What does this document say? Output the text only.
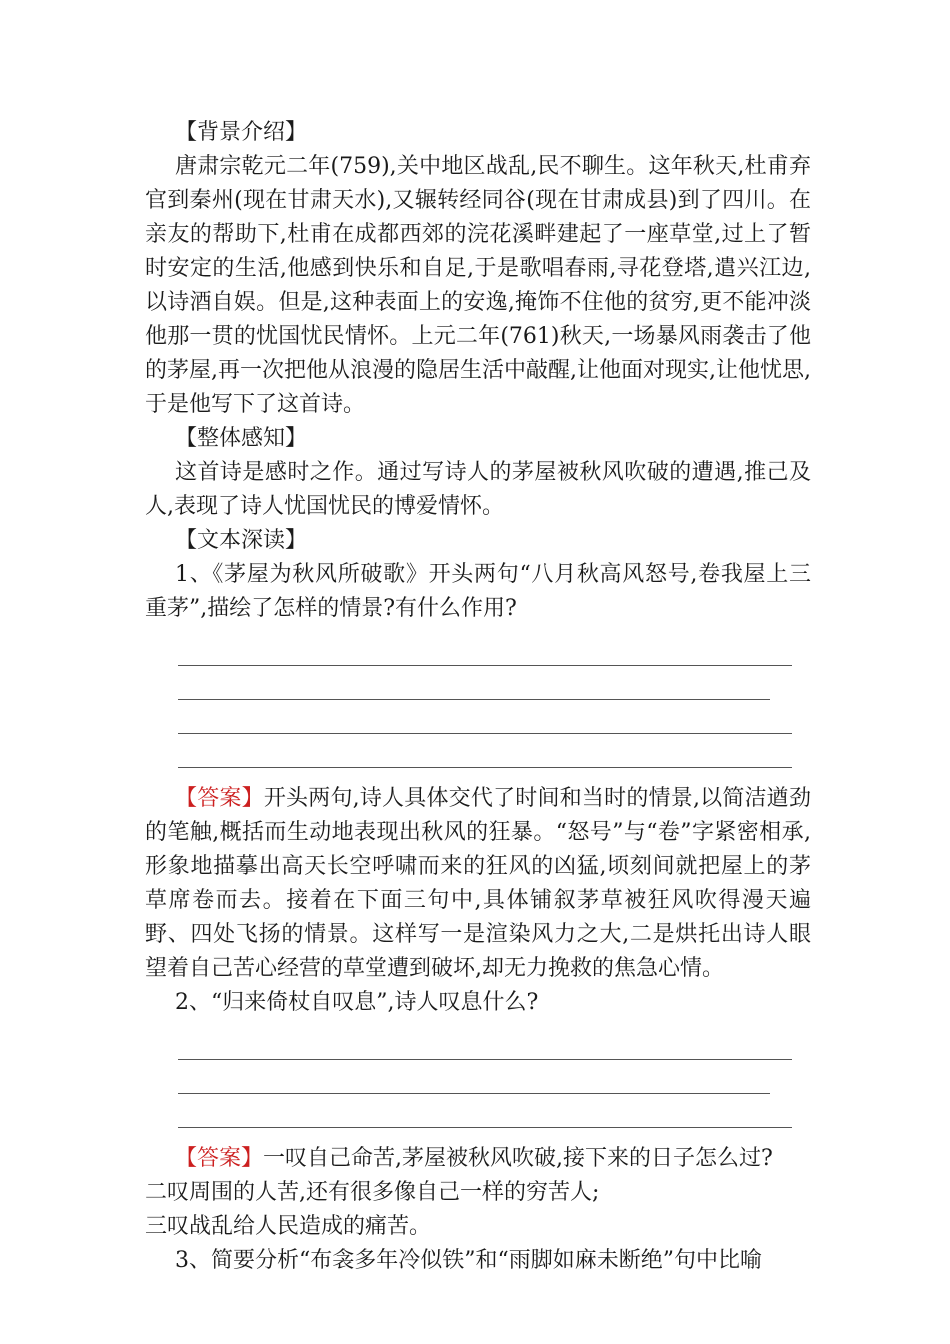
【背景介绍】
唐肃宗乾元二年(759),关中地区战乱,民不聊生。这年秋天,杜甫弃官到秦州(现在甘肃天水),又辗转经同谷(现在甘肃成县)到了四川。在亲友的帮助下,杜甫在成都西郊的浣花溪畔建起了一座草堂,过上了暂时安定的生活,他感到快乐和自足,于是歌唱春雨,寻花登塔,遣兴江边,以诗酒自娱。但是,这种表面上的安逸,掩饰不住他的贫穷,更不能冲淡他那一贯的忧国忧民情怀。上元二年(761)秋天,一场暴风雨袭击了他的茅屋,再一次把他从浪漫的隐居生活中敲醒,让他面对现实,让他忧思,于是他写下了这首诗。
【整体感知】
这首诗是感时之作。通过写诗人的茅屋被秋风吹破的遭遇,推己及人,表现了诗人忧国忧民的博爱情怀。
【文本深读】
1、《茅屋为秋风所破歌》开头两句“八月秋高风怒号,卷我屋上三重茅”,描绘了怎样的情景?有什么作用?
【答案】开头两句,诗人具体交代了时间和当时的情景,以简洁遒劲的笔触,概括而生动地表现出秋风的狂暴。“怒号”与“卷”字紧密相承,形象地描摹出高天长空呼啸而来的狂风的凶猛,顷刻间就把屋上的茅草席卷而去。接着在下面三句中,具体铺叙茅草被狂风吹得漫天遍野、四处飞扬的情景。这样写一是渲染风力之大,二是烘托出诗人眼望着自己苦心经营的草堂遭到破坏,却无力挽救的焦急心情。
2、“归来倚杖自叹息”,诗人叹息什么?
【答案】一叹自己命苦,茅屋被秋风吹破,接下来的日子怎么过?
二叹周围的人苦,还有很多像自己一样的穷苦人;
三叹战乱给人民造成的痛苦。
3、简要分析“布衾多年冷似铁”和“雨脚如麻未断绝”句中比喻
